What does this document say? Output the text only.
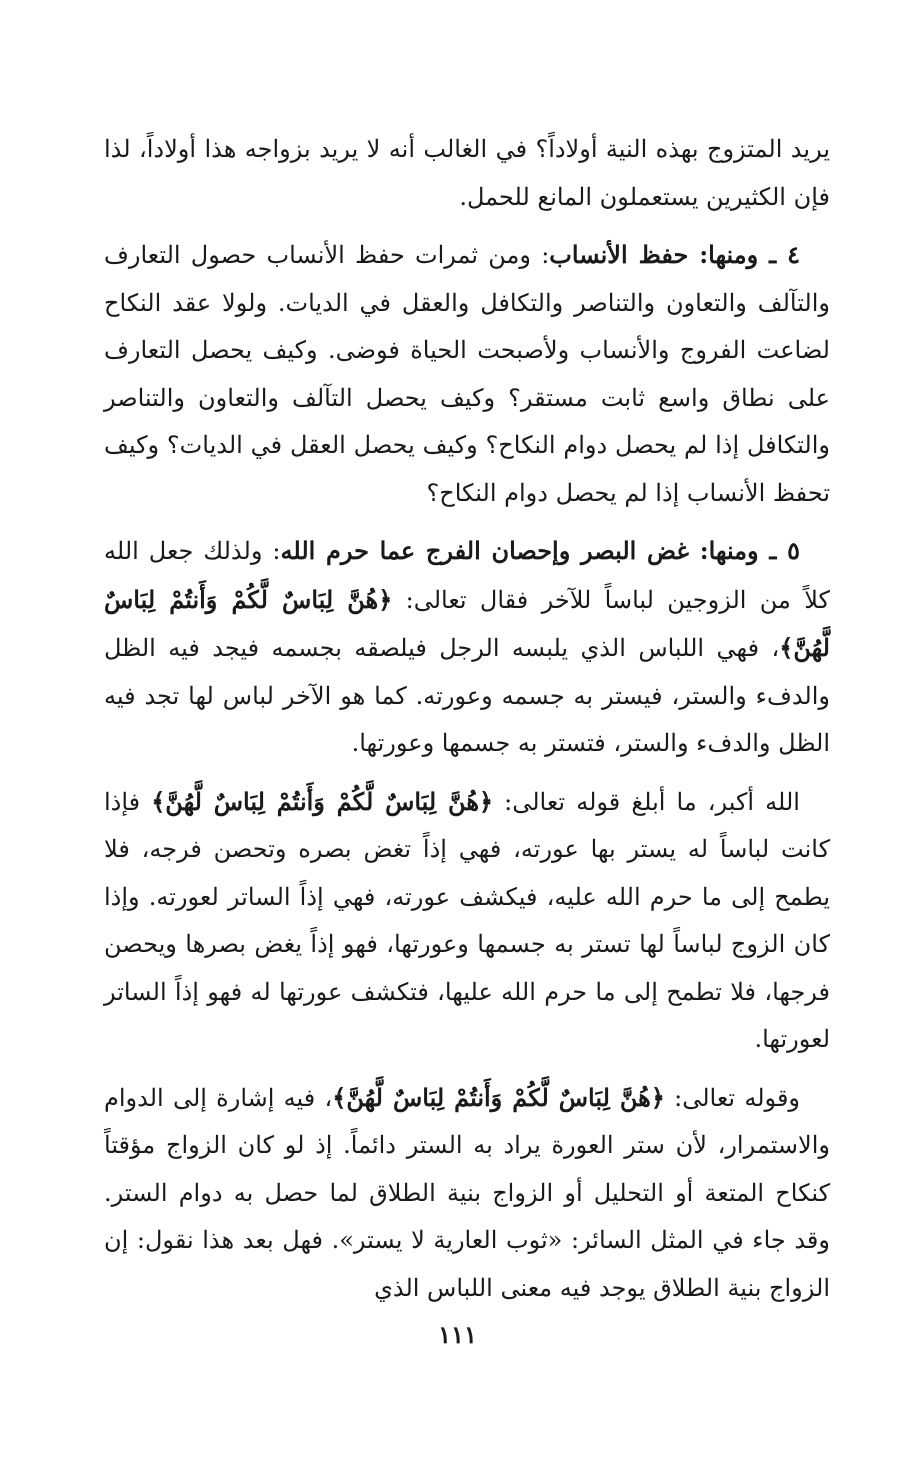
يريد المتزوج بهذه النية أولاداً؟ في الغالب أنه لا يريد بزواجه هذا أولاداً، لذا فإن الكثيرين يستعملون المانع للحمل.

٤ ـ ومنها: حفظ الأنساب: ومن ثمرات حفظ الأنساب حصول التعارف والتآلف والتعاون والتناصر والتكافل والعقل في الديات. ولولا عقد النكاح لضاعت الفروج والأنساب ولأصبحت الحياة فوضى. وكيف يحصل التعارف على نطاق واسع ثابت مستقر؟ وكيف يحصل التآلف والتعاون والتناصر والتكافل إذا لم يحصل دوام النكاح؟ وكيف يحصل العقل في الديات؟ وكيف تحفظ الأنساب إذا لم يحصل دوام النكاح؟

٥ ـ ومنها: غض البصر وإحصان الفرج عما حرم الله: ولذلك جعل الله كلاً من الزوجين لباساً للآخر فقال تعالى: ﴿هُنَّ لِبَاسٌ لَّكُمْ وَأَنتُمْ لِبَاسٌ لَّهُنَّ﴾، فهي اللباس الذي يلبسه الرجل فيلصقه بجسمه فيجد فيه الظل والدفء والستر، فيستر به جسمه وعورته. كما هو الآخر لباس لها تجد فيه الظل والدفء والستر، فتستر به جسمها وعورتها.

الله أكبر، ما أبلغ قوله تعالى: ﴿هُنَّ لِبَاسٌ لَّكُمْ وَأَنتُمْ لِبَاسٌ لَّهُنَّ﴾ فإذا كانت لباساً له يستر بها عورته، فهي إذاً تغض بصره وتحصن فرجه، فلا يطمح إلى ما حرم الله عليه، فيكشف عورته، فهي إذاً الساتر لعورته. وإذا كان الزوج لباساً لها تستر به جسمها وعورتها، فهو إذاً يغض بصرها ويحصن فرجها، فلا تطمح إلى ما حرم الله عليها، فتكشف عورتها له فهو إذاً الساتر لعورتها.

وقوله تعالى: ﴿هُنَّ لِبَاسٌ لَّكُمْ وَأَنتُمْ لِبَاسٌ لَّهُنَّ﴾، فيه إشارة إلى الدوام والاستمرار، لأن ستر العورة يراد به الستر دائماً. إذ لو كان الزواج مؤقتاً كنكاح المتعة أو التحليل أو الزواج بنية الطلاق لما حصل به دوام الستر. وقد جاء في المثل السائر: «ثوب العارية لا يستر». فهل بعد هذا نقول: إن الزواج بنية الطلاق يوجد فيه معنى اللباس الذي

١١١
